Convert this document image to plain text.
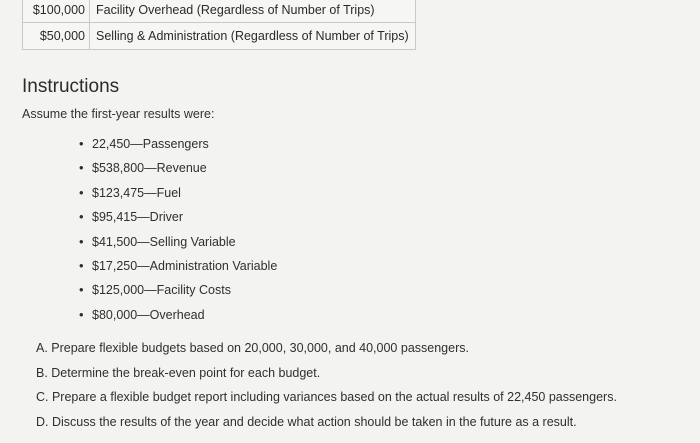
$100,000	Facility Overhead (Regardless of Number of Trips)
$50,000	Selling & Administration (Regardless of Number of Trips)
Instructions

Assume the first-year results were:

• 22,450—Passengers
• $538,800—Revenue
• $123,475—Fuel
• $95,415—Driver
• $41,500—Selling Variable
• $17,250—Administration Variable
• $125,000—Facility Costs
• $80,000—Overhead
A. Prepare flexible budgets based on 20,000, 30,000, and 40,000 passengers.
B. Determine the break-even point for each budget.
C. Prepare a flexible budget report including variances based on the actual results of 22,450 passengers.
D. Discuss the results of the year and decide what action should be taken in the future as a result.
